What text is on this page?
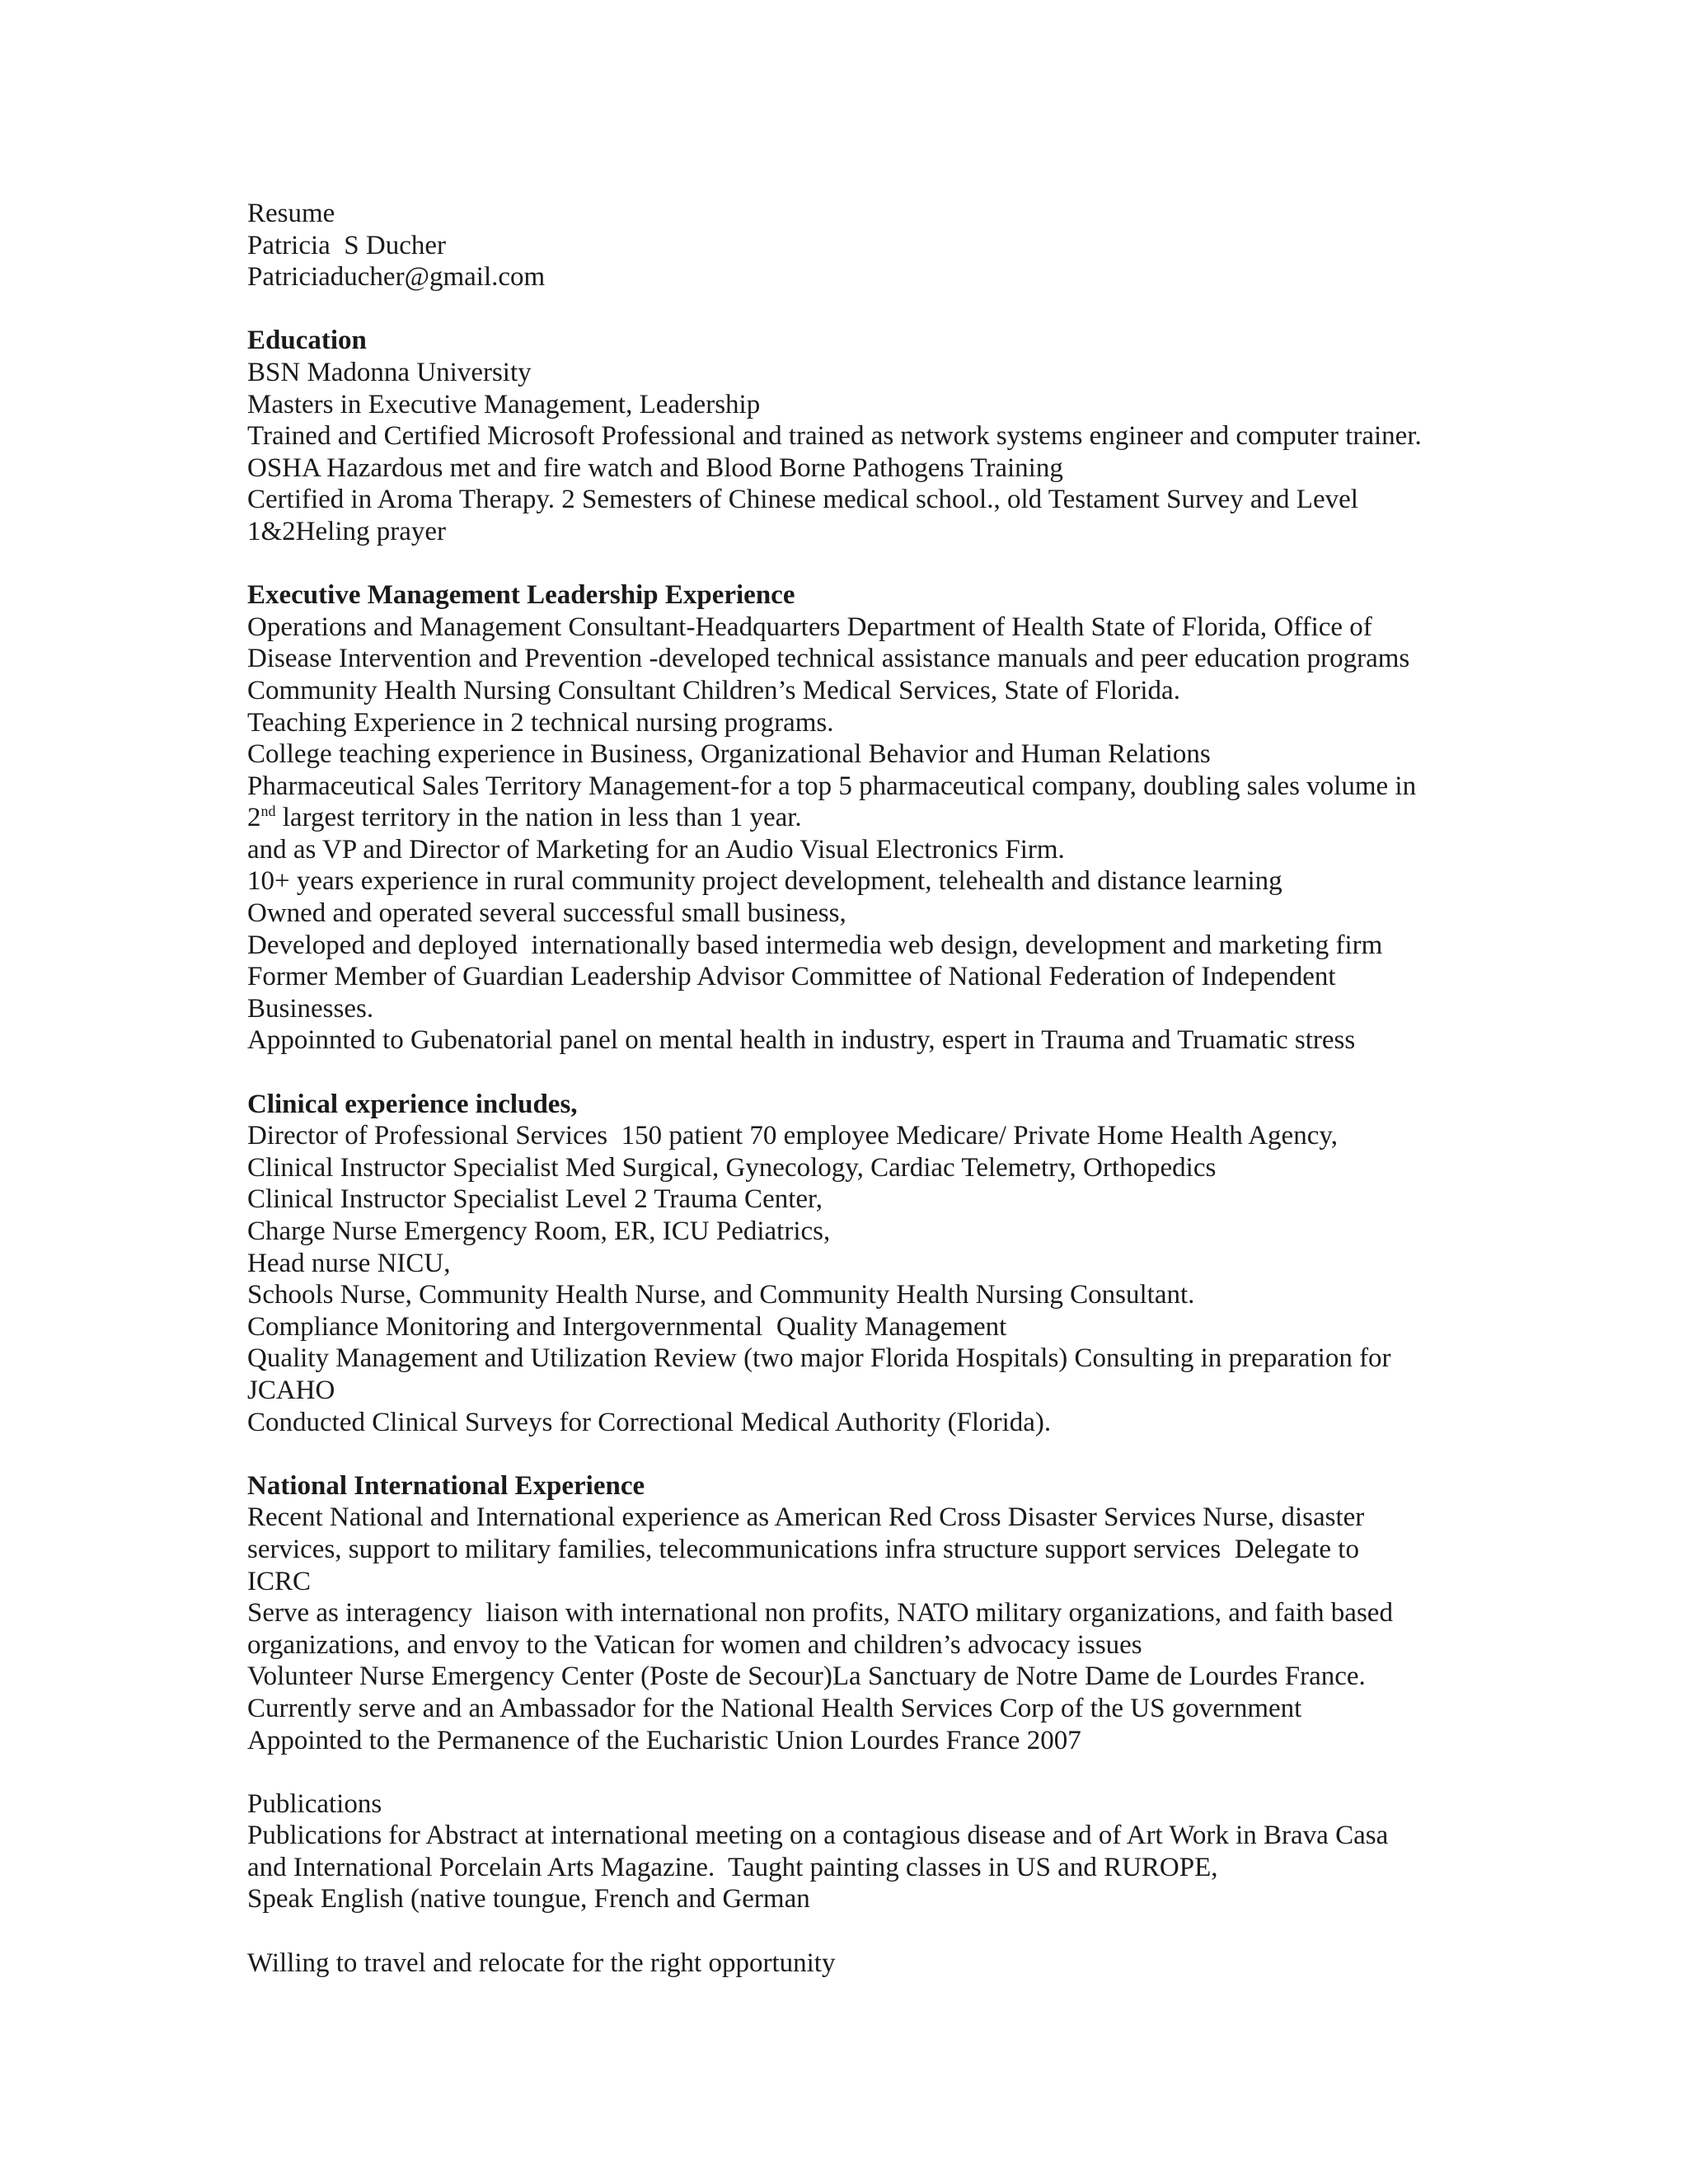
Resume
Patricia  S Ducher
Patriciaducher@gmail.com
Education
BSN Madonna University
Masters in Executive Management, Leadership
Trained and Certified Microsoft Professional and trained as network systems engineer and computer trainer.
OSHA Hazardous met and fire watch and Blood Borne Pathogens Training
Certified in Aroma Therapy. 2 Semesters of Chinese medical school., old Testament Survey and Level
1&2Heling prayer
Executive Management Leadership Experience
Operations and Management Consultant-Headquarters Department of Health State of Florida, Office of
Disease Intervention and Prevention -developed technical assistance manuals and peer education programs
Community Health Nursing Consultant Children’s Medical Services, State of Florida.
Teaching Experience in 2 technical nursing programs.
College teaching experience in Business, Organizational Behavior and Human Relations
Pharmaceutical Sales Territory Management-for a top 5 pharmaceutical company, doubling sales volume in
2nd largest territory in the nation in less than 1 year.
and as VP and Director of Marketing for an Audio Visual Electronics Firm.
10+ years experience in rural community project development, telehealth and distance learning
Owned and operated several successful small business,
Developed and deployed  internationally based intermedia web design, development and marketing firm
Former Member of Guardian Leadership Advisor Committee of National Federation of Independent
Businesses.
Appoinnted to Gubenatorial panel on mental health in industry, espert in Trauma and Truamatic stress
Clinical experience includes,
Director of Professional Services  150 patient 70 employee Medicare/ Private Home Health Agency,
Clinical Instructor Specialist Med Surgical, Gynecology, Cardiac Telemetry, Orthopedics
Clinical Instructor Specialist Level 2 Trauma Center,
Charge Nurse Emergency Room, ER, ICU Pediatrics,
Head nurse NICU,
Schools Nurse, Community Health Nurse, and Community Health Nursing Consultant.
Compliance Monitoring and Intergovernmental  Quality Management
Quality Management and Utilization Review (two major Florida Hospitals) Consulting in preparation for
JCAHO
Conducted Clinical Surveys for Correctional Medical Authority (Florida).
National International Experience
Recent National and International experience as American Red Cross Disaster Services Nurse, disaster
services, support to military families, telecommunications infra structure support services  Delegate to
ICRC
Serve as interagency  liaison with international non profits, NATO military organizations, and faith based
organizations, and envoy to the Vatican for women and children’s advocacy issues
Volunteer Nurse Emergency Center (Poste de Secour)La Sanctuary de Notre Dame de Lourdes France.
Currently serve and an Ambassador for the National Health Services Corp of the US government
Appointed to the Permanence of the Eucharistic Union Lourdes France 2007
Publications
Publications for Abstract at international meeting on a contagious disease and of Art Work in Brava Casa
and International Porcelain Arts Magazine.  Taught painting classes in US and RUROPE,
Speak English (native toungue, French and German
Willing to travel and relocate for the right opportunity
